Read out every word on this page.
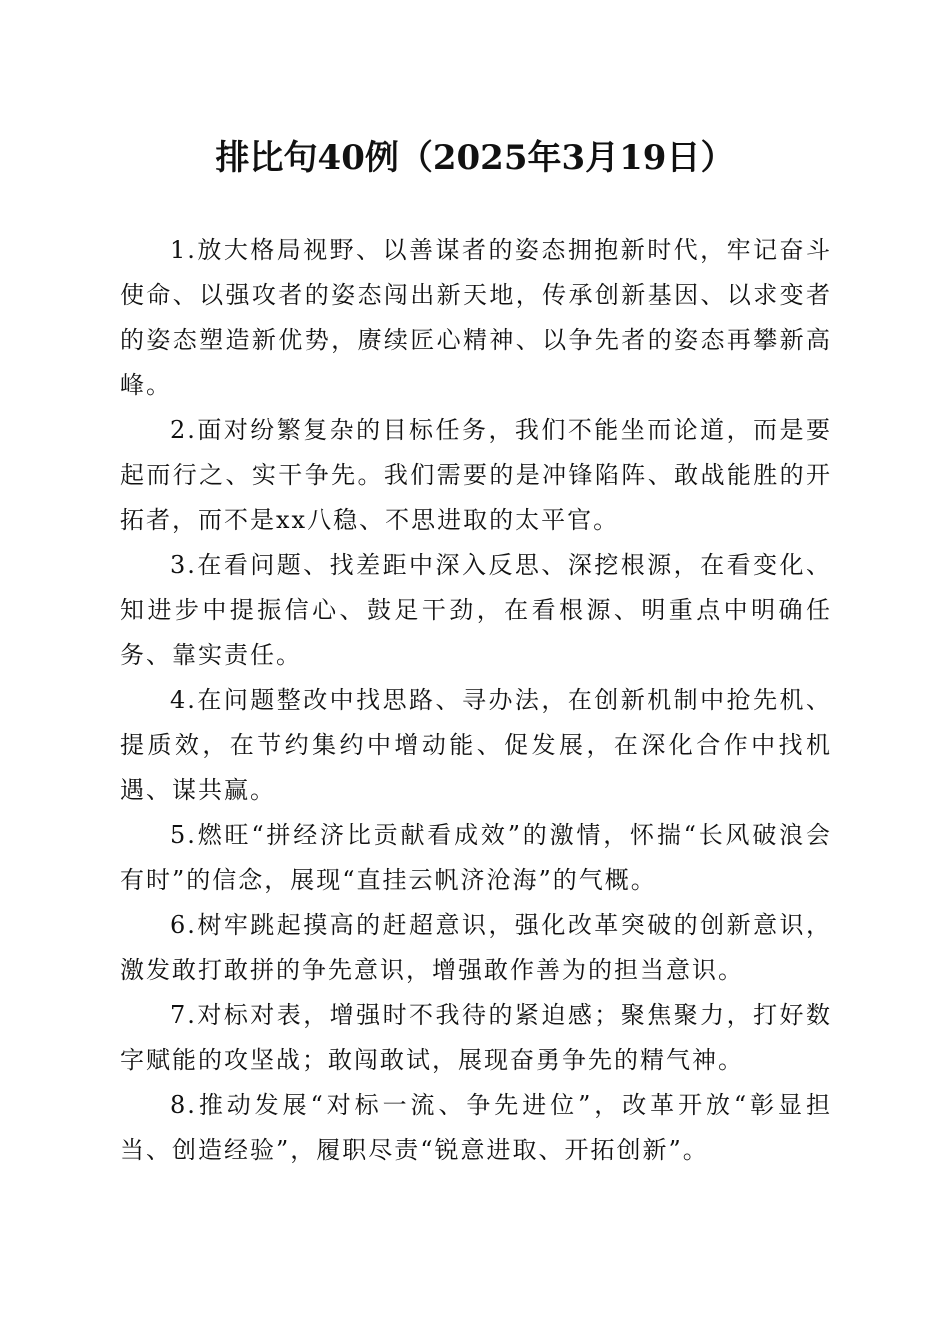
排比句40例（2025年3月19日）

1.放大格局视野、以善谋者的姿态拥抱新时代，牢记奋斗使命、以强攻者的姿态闯出新天地，传承创新基因、以求变者的姿态塑造新优势，赓续匠心精神、以争先者的姿态再攀新高峰。

2.面对纷繁复杂的目标任务，我们不能坐而论道，而是要起而行之、实干争先。我们需要的是冲锋陷阵、敢战能胜的开拓者，而不是xx八稳、不思进取的太平官。

3.在看问题、找差距中深入反思、深挖根源，在看变化、知进步中提振信心、鼓足干劲，在看根源、明重点中明确任务、靠实责任。

4.在问题整改中找思路、寻办法，在创新机制中抢先机、提质效，在节约集约中增动能、促发展，在深化合作中找机遇、谋共赢。

5.燃旺“拼经济比贡献看成效”的激情，怀揣“长风破浪会有时”的信念，展现“直挂云帆济沧海”的气概。

6.树牢跳起摸高的赶超意识，强化改革突破的创新意识，激发敢打敢拼的争先意识，增强敢作善为的担当意识。

7.对标对表，增强时不我待的紧迫感；聚焦聚力，打好数字赋能的攻坚战；敢闯敢试，展现奋勇争先的精气神。

8.推动发展“对标一流、争先进位”，改革开放“彰显担当、创造经验”，履职尽责“锐意进取、开拓创新”。
